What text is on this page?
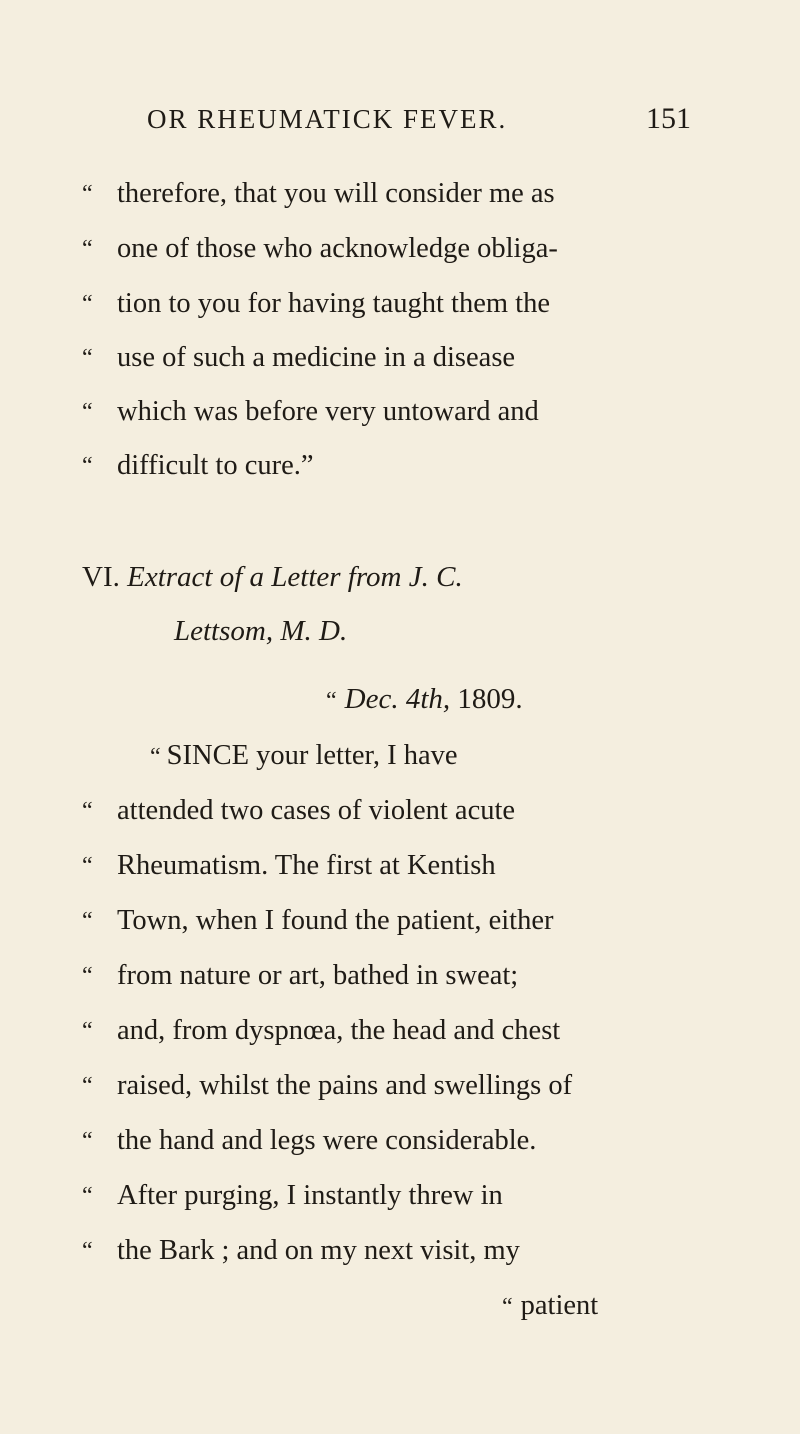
OR RHEUMATICK FEVER.	151
“ therefore, that you will consider me as
“ one of those who acknowledge obliga-
“ tion to you for having taught them the
“ use of such a medicine in a disease
“ which was before very untoward and
“ difficult to cure.”
VI. Extract of a Letter from J. C.
Lettsom, M. D.
“ Dec. 4th, 1809.
“ SINCE your letter, I have
“ attended two cases of violent acute
“ Rheumatism. The first at Kentish
“ Town, when I found the patient, either
“ from nature or art, bathed in sweat;
“ and, from dyspnœa, the head and chest
“ raised, whilst the pains and swellings of
“ the hand and legs were considerable.
“ After purging, I instantly threw in
“ the Bark ; and on my next visit, my
“ patient
